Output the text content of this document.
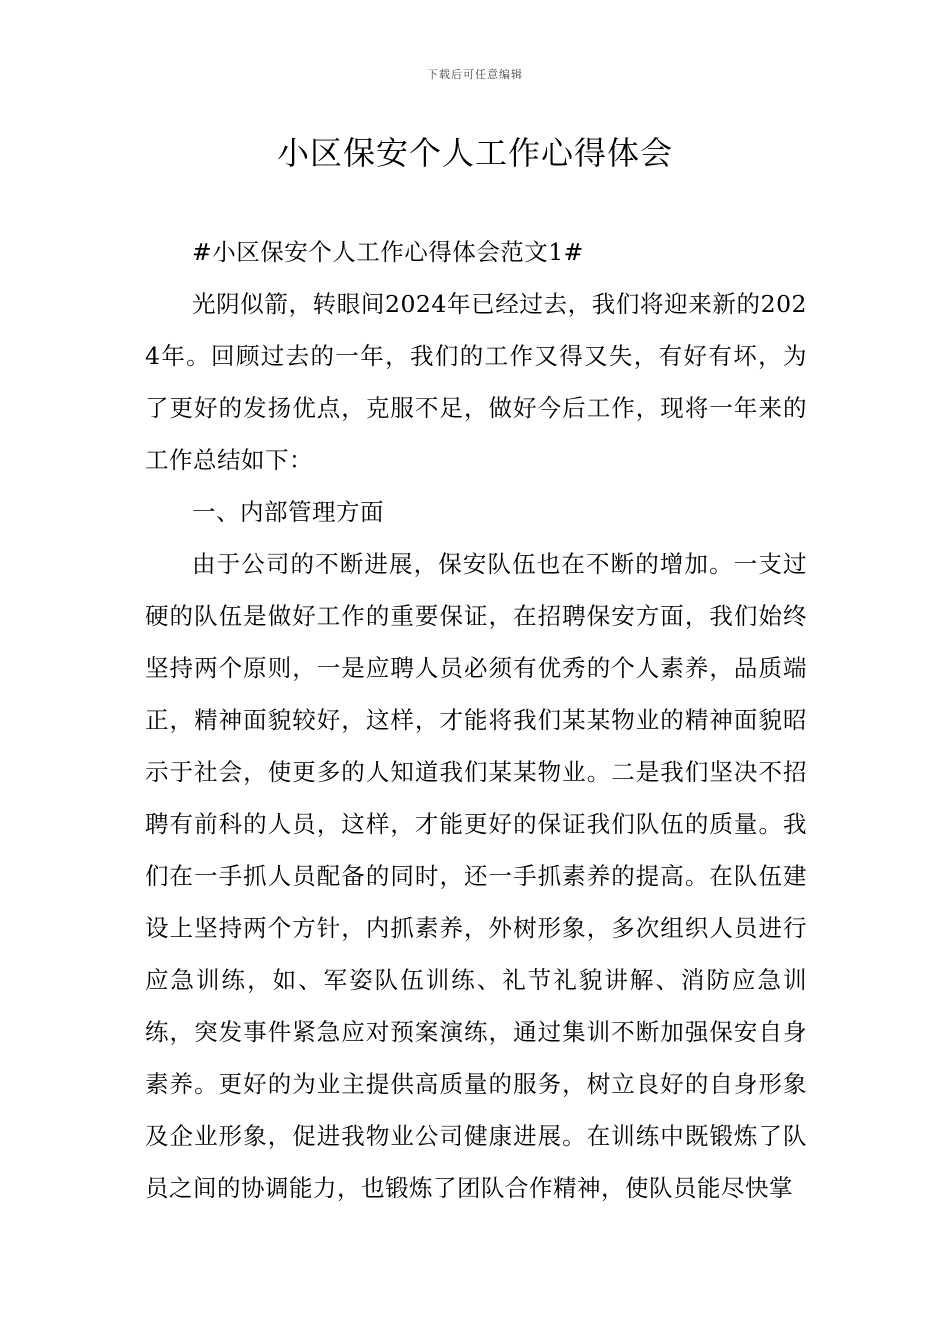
下载后可任意编辑
小区保安个人工作心得体会

#小区保安个人工作心得体会范文1#

光阴似箭，转眼间2024年已经过去，我们将迎来新的2024年。回顾过去的一年，我们的工作又得又失，有好有坏，为了更好的发扬优点，克服不足，做好今后工作，现将一年来的工作总结如下：

一、内部管理方面

由于公司的不断进展，保安队伍也在不断的增加。一支过硬的队伍是做好工作的重要保证，在招聘保安方面，我们始终坚持两个原则，一是应聘人员必须有优秀的个人素养，品质端正，精神面貌较好，这样，才能将我们某某物业的精神面貌昭示于社会，使更多的人知道我们某某物业。二是我们坚决不招聘有前科的人员，这样，才能更好的保证我们队伍的质量。我们在一手抓人员配备的同时，还一手抓素养的提高。在队伍建设上坚持两个方针，内抓素养，外树形象，多次组织人员进行应急训练，如、军姿队伍训练、礼节礼貌讲解、消防应急训练，突发事件紧急应对预案演练，通过集训不断加强保安自身素养。更好的为业主提供高质量的服务，树立良好的自身形象及企业形象，促进我物业公司健康进展。在训练中既锻炼了队员之间的协调能力，也锻炼了团队合作精神，使队员能尽快掌
